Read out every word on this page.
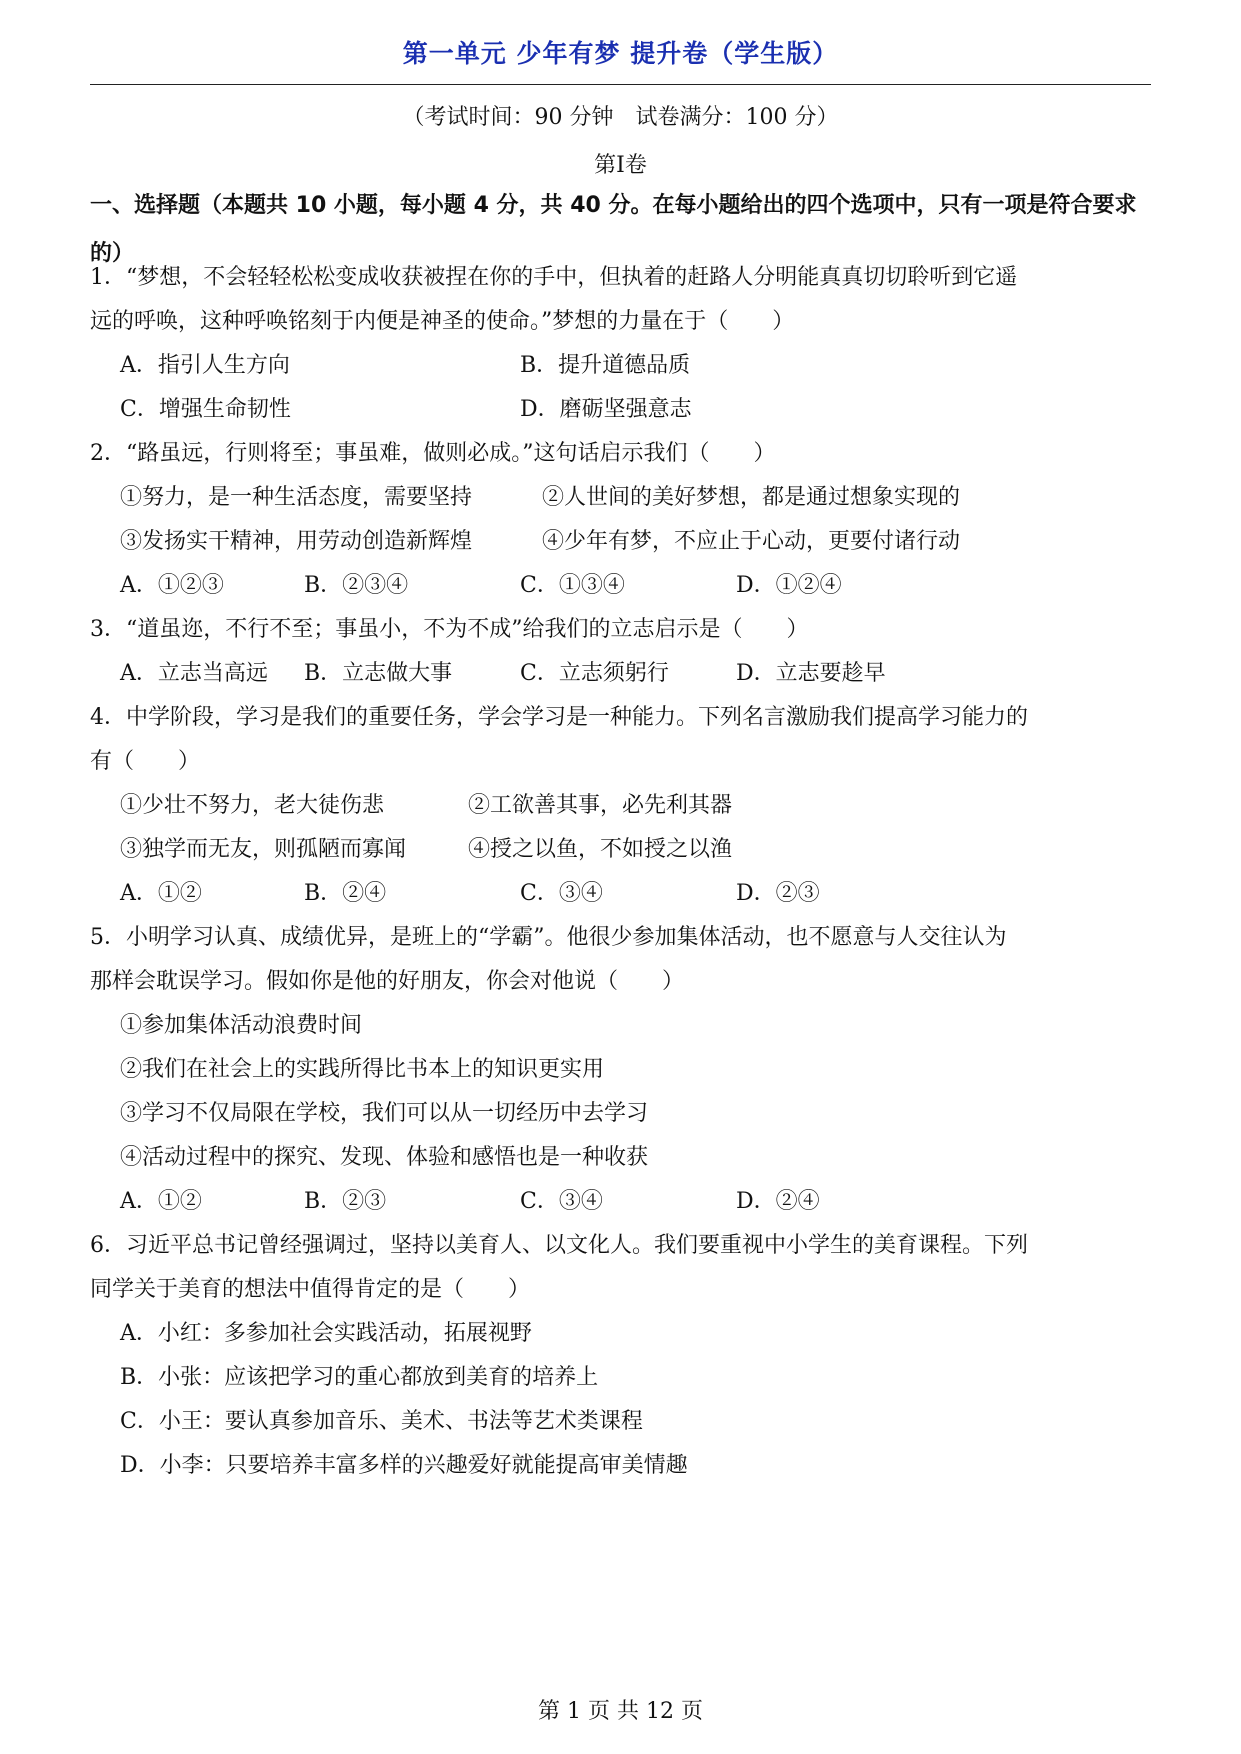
第一单元 少年有梦 提升卷（学生版）
（考试时间：90 分钟　试卷满分：100 分）
第Ⅰ卷
一、选择题（本题共 10 小题，每小题 4 分，共 40 分。在每小题给出的四个选项中，只有一项是符合要求的）
1．“梦想，不会轻轻松松变成收获被捏在你的手中，但执着的赶路人分明能真真切切聆听到它遥
远的呼唤，这种呼唤铭刻于内便是神圣的使命。”梦想的力量在于（　　）
A．指引人生方向	B．提升道德品质
C．增强生命韧性	D．磨砺坚强意志
2．“路虽远，行则将至；事虽难，做则必成。”这句话启示我们（　　）
①努力，是一种生活态度，需要坚持	②人世间的美好梦想，都是通过想象实现的
③发扬实干精神，用劳动创造新辉煌	④少年有梦，不应止于心动，更要付诸行动
A．①②③	B．②③④	C．①③④	D．①②④
3．“道虽迩，不行不至；事虽小，不为不成”给我们的立志启示是（　　）
A．立志当高远 B．立志做大事	C．立志须躬行	D．立志要趁早
4．中学阶段，学习是我们的重要任务，学会学习是一种能力。下列名言激励我们提高学习能力的
有（　　）
①少壮不努力，老大徒伤悲	②工欲善其事，必先利其器
③独学而无友，则孤陋而寡闻	④授之以鱼，不如授之以渔
A．①②	B．②④	C．③④	D．②③
5．小明学习认真、成绩优异，是班上的“学霸”。他很少参加集体活动，也不愿意与人交往认为
那样会耽误学习。假如你是他的好朋友，你会对他说（　　）
①参加集体活动浪费时间
②我们在社会上的实践所得比书本上的知识更实用
③学习不仅局限在学校，我们可以从一切经历中去学习
④活动过程中的探究、发现、体验和感悟也是一种收获
A．①②	B．②③	C．③④	D．②④
6．习近平总书记曾经强调过，坚持以美育人、以文化人。我们要重视中小学生的美育课程。下列
同学关于美育的想法中值得肯定的是（　　）
A．小红：多参加社会实践活动，拓展视野
B．小张：应该把学习的重心都放到美育的培养上
C．小王：要认真参加音乐、美术、书法等艺术类课程
D．小李：只要培养丰富多样的兴趣爱好就能提高审美情趣
第 1 页 共 12 页
